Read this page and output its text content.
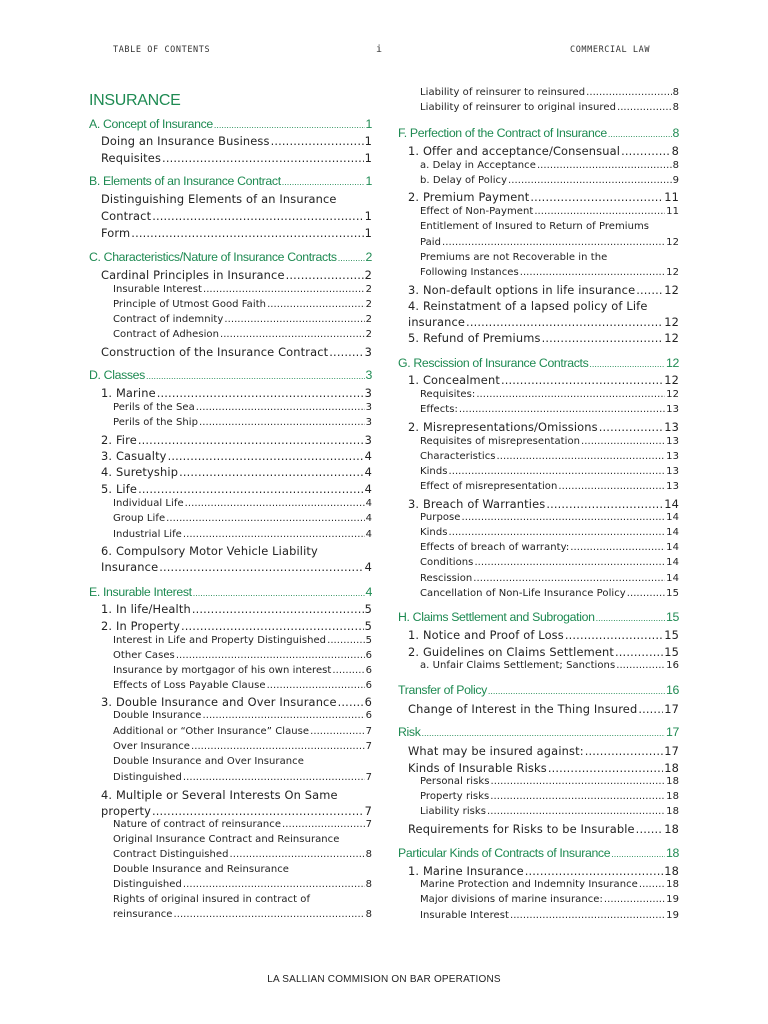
TABLE OF CONTENTS	i	COMMERCIAL LAW
INSURANCE
A. Concept of Insurance .....	1
Doing an Insurance Business .....	1
Requisites .....	1
B. Elements of an Insurance Contract .....	1
Distinguishing Elements of an Insurance
Contract .....	1
Form .....	1
C. Characteristics/Nature of Insurance Contracts ..... 2
Cardinal Principles in Insurance .....	2
Insurable Interest .....	2
Principle of Utmost Good Faith .....	2
Contract of indemnity .....	2
Contract of Adhesion .....	2
Construction of the Insurance Contract .....	3
D. Classes .....	3
1. Marine .....	3
Perils of the Sea .....	3
Perils of the Ship .....	3
2. Fire .....	3
3. Casualty .....	4
4. Suretyship .....	4
5. Life .....	4
Individual Life .....	4
Group Life .....	4
Industrial Life .....	4
6. Compulsory Motor Vehicle Liability
Insurance .....	4
E. Insurable Interest .....	4
1. In life/Health .....	5
2. In Property .....	5
Interest in Life and Property Distinguished .....	5
Other Cases .....	6
Insurance by mortgagor of his own interest .....	6
Effects of Loss Payable Clause .....	6
3. Double Insurance and Over Insurance ..... 6
Double Insurance .....	6
Additional or “Other Insurance” Clause .....	7
Over Insurance .....	7
Double Insurance and Over Insurance
Distinguished .....	7
4. Multiple or Several Interests On Same
property .....	7
Nature of contract of reinsurance .....	7
Original Insurance Contract and Reinsurance
Contract Distinguished .....	8
Double Insurance and Reinsurance
Distinguished .....	8
Rights of original insured in contract of
reinsurance .....	8
Liability of reinsurer to reinsured .....	8
Liability of reinsurer to original insured .....	8
F. Perfection of the Contract of Insurance .....	8
1. Offer and acceptance/Consensual .....	8
a. Delay in Acceptance .....	8
b. Delay of Policy .....	9
2. Premium Payment .....	11
Effect of Non-Payment .....	11
Entitlement of Insured to Return of Premiums
Paid .....	12
Premiums are not Recoverable in the
Following Instances .....	12
3. Non-default options in life insurance .....	12
4. Reinstatment of a lapsed policy of Life
insurance .....	12
5. Refund of Premiums .....	12
G. Rescission of Insurance Contracts .....	12
1. Concealment .....	12
Requisites: .....	12
Effects: .....	13
2. Misrepresentations/Omissions .....	13
Requisites of misrepresentation .....	13
Characteristics .....	13
Kinds .....	13
Effect of misrepresentation .....	13
3. Breach of Warranties .....	14
Purpose .....	14
Kinds .....	14
Effects of breach of warranty: .....	14
Conditions .....	14
Rescission .....	14
Cancellation of Non-Life Insurance Policy .....	15
H. Claims Settlement and Subrogation .....	15
1. Notice and Proof of Loss .....	15
2. Guidelines on Claims Settlement .....	15
a. Unfair Claims Settlement; Sanctions .....	16
Transfer of Policy .....	16
Change of Interest in the Thing Insured ..... 17
Risk .....	17
What may be insured against: .....	17
Kinds of Insurable Risks .....	18
Personal risks .....	18
Property risks .....	18
Liability risks .....	18
Requirements for Risks to be Insurable .....	18
Particular Kinds of Contracts of Insurance .....	18
1. Marine Insurance .....	18
Marine Protection and Indemnity Insurance .....	18
Major divisions of marine insurance: .....	19
Insurable Interest .....	19
LA SALLIAN COMMISION ON BAR OPERATIONS
